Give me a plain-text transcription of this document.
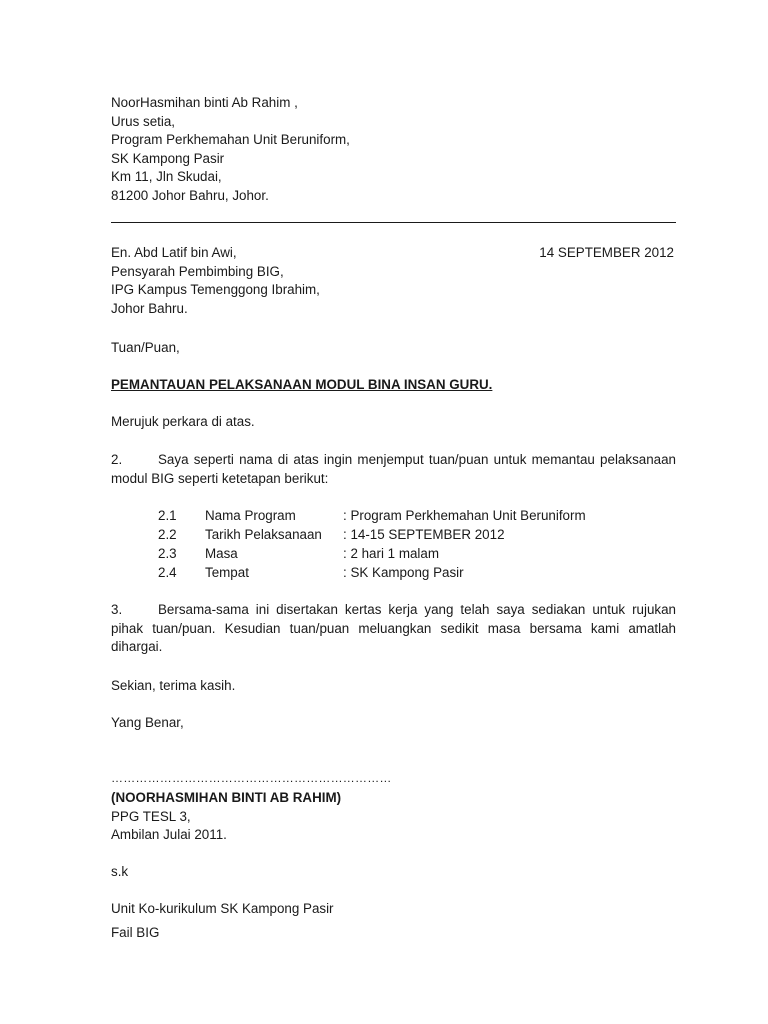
NoorHasmihan binti Ab Rahim ,
Urus setia,
Program Perkhemahan Unit Beruniform,
SK Kampong Pasir
Km 11, Jln Skudai,
81200 Johor Bahru, Johor.
En. Abd Latif bin Awi,
Pensyarah Pembimbing BIG,
IPG Kampus Temenggong Ibrahim,
Johor Bahru.
14 SEPTEMBER 2012
Tuan/Puan,
PEMANTAUAN PELAKSANAAN MODUL BINA INSAN GURU.
Merujuk perkara di atas.
2.	Saya seperti nama di atas ingin menjemput tuan/puan untuk memantau pelaksanaan modul BIG seperti ketetapan berikut:
2.1 Nama Program	: Program Perkhemahan Unit Beruniform
2.2 Tarikh Pelaksanaan : 14-15 SEPTEMBER 2012
2.3 Masa	: 2 hari 1 malam
2.4 Tempat	: SK Kampong Pasir
3.	Bersama-sama ini disertakan kertas kerja yang telah saya sediakan untuk rujukan pihak tuan/puan. Kesudian tuan/puan meluangkan sedikit masa bersama kami amatlah dihargai.
Sekian, terima kasih.
Yang Benar,
……………………………………………………………
(NOORHASMIHAN BINTI AB RAHIM)
PPG TESL 3,
Ambilan Julai 2011.
s.k
Unit Ko-kurikulum SK Kampong Pasir
Fail BIG
